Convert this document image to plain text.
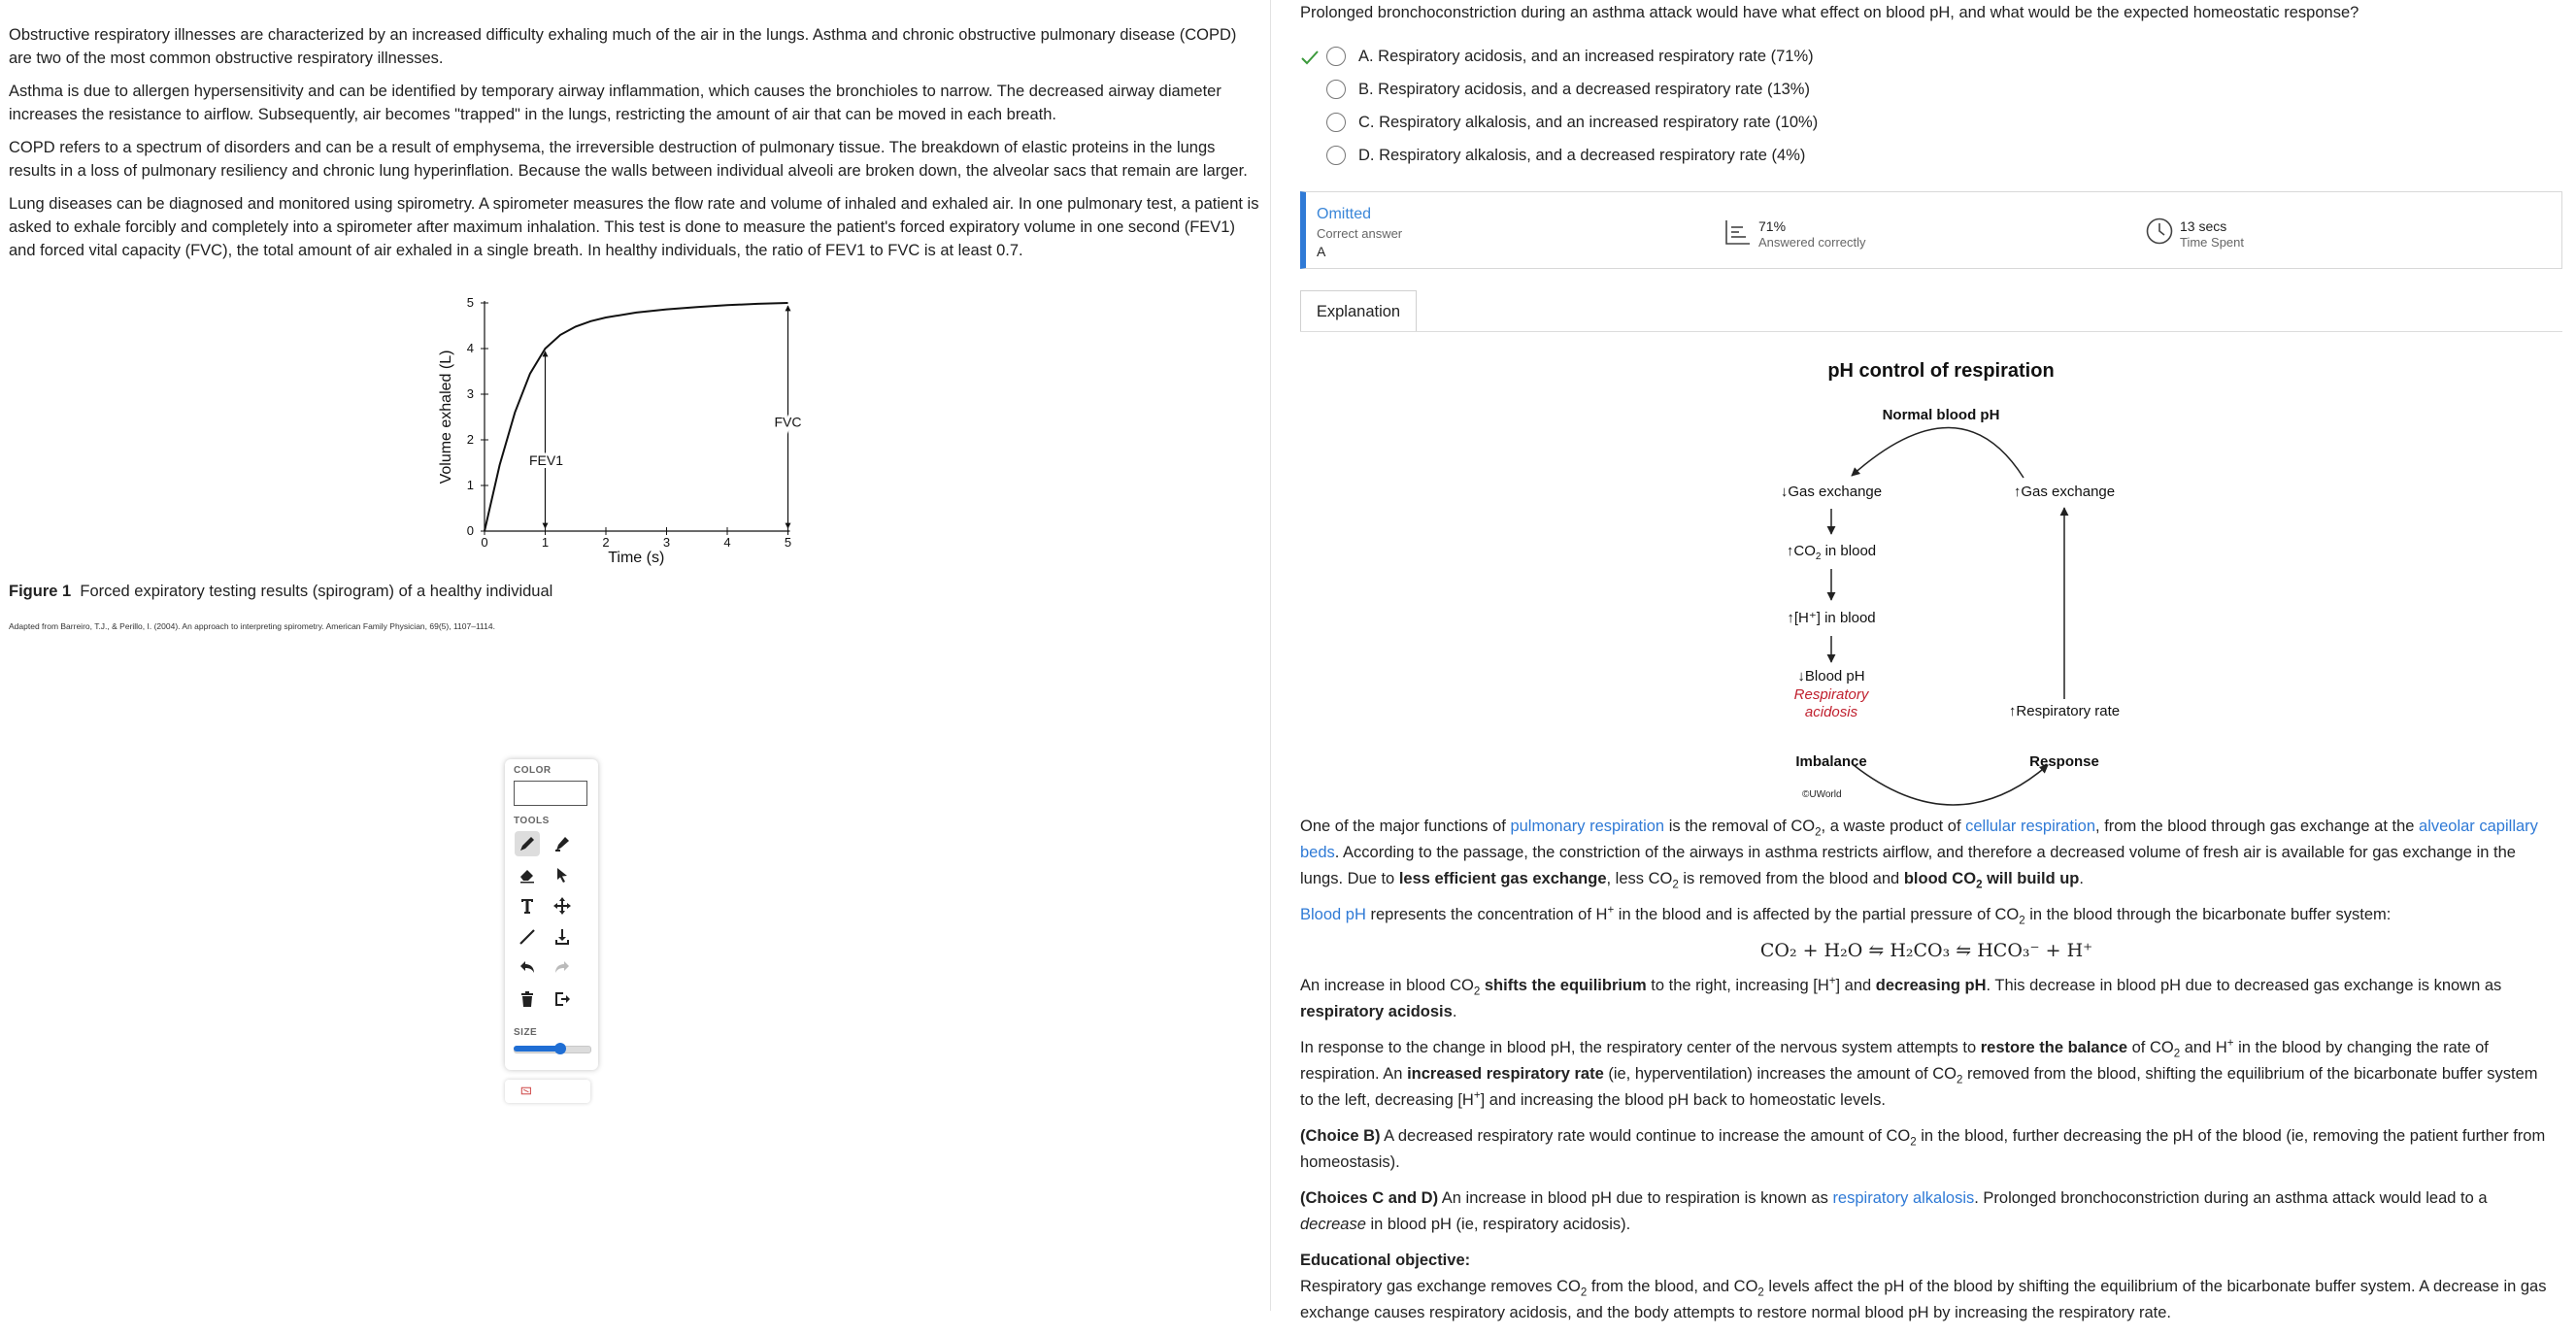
Obstructive respiratory illnesses are characterized by an increased difficulty exhaling much of the air in the lungs. Asthma and chronic obstructive pulmonary disease (COPD) are two of the most common obstructive respiratory illnesses.

Asthma is due to allergen hypersensitivity and can be identified by temporary airway inflammation, which causes the bronchioles to narrow. The decreased airway diameter increases the resistance to airflow. Subsequently, air becomes "trapped" in the lungs, restricting the amount of air that can be moved in each breath.

COPD refers to a spectrum of disorders and can be a result of emphysema, the irreversible destruction of pulmonary tissue. The breakdown of elastic proteins in the lungs results in a loss of pulmonary resiliency and chronic lung hyperinflation. Because the walls between individual alveoli are broken down, the alveolar sacs that remain are larger.

Lung diseases can be diagnosed and monitored using spirometry. A spirometer measures the flow rate and volume of inhaled and exhaled air. In one pulmonary test, a patient is asked to exhale forcibly and completely into a spirometer after maximum inhalation. This test is done to measure the patient's forced expiratory volume in one second (FEV1) and forced vital capacity (FVC), the total amount of air exhaled in a single breath. In healthy individuals, the ratio of FEV1 to FVC is at least 0.7.

0	1	2	3	4	5
0
1
2
3
4
5
Time (s)
Volume exhaled (L)	FEV1
FVC
Figure 1 Forced expiratory testing results (spirogram) of a healthy individual
Adapted from Barreiro, T.J., & Perillo, I. (2004). An approach to interpreting spirometry. American Family Physician, 69(5), 1107–1114.
COLOR
TOOLS
SIZE
Prolonged bronchoconstriction during an asthma attack would have what effect on blood pH, and what would be the expected homeostatic response?
A. Respiratory acidosis, and an increased respiratory rate (71%)
B. Respiratory acidosis, and a decreased respiratory rate (13%)
C. Respiratory alkalosis, and an increased respiratory rate (10%)
D. Respiratory alkalosis, and a decreased respiratory rate (4%)
Omitted
Correct answer
A
71%
Answered correctly
13 secs
Time Spent
Explanation
pH control of respiration
Normal blood pH
↓Gas exchange	↑Gas exchange
$↑CO_2$ in blood
↑[H⁺] in blood
↓Blood pH
Respiratory acidosis	↑Respiratory rate
Imbalance	Response
©UWorld

One of the major functions of pulmonary respiration is the removal of $CO_2$, a waste product of cellular respiration, from the blood through gas exchange at the alveolar capillary beds. According to the passage, the constriction of the airways in asthma restricts airflow, and therefore a decreased volume of fresh air is available for gas exchange in the lungs. Due to less efficient gas exchange, less $CO_2$ is removed from the blood and blood $CO_2$ will build up.

Blood pH represents the concentration of H+ in the blood and is affected by the partial pressure of $CO_2$ in the blood through the bicarbonate buffer system:

CO₂ + H₂O ⇋ H₂CO₃ ⇋ HCO₃⁻ + H⁺

An increase in blood $CO_2$ shifts the equilibrium to the right, increasing [H+] and decreasing pH. This decrease in blood pH due to decreased gas exchange is known as respiratory acidosis.

In response to the change in blood pH, the respiratory center of the nervous system attempts to restore the balance of $CO_2$ and H+ in the blood by changing the rate of respiration. An increased respiratory rate (ie, hyperventilation) increases the amount of $CO_2$ removed from the blood, shifting the equilibrium of the bicarbonate buffer system to the left, decreasing [H+] and increasing the blood pH back to homeostatic levels.

(Choice B) A decreased respiratory rate would continue to increase the amount of $CO_2$ in the blood, further decreasing the pH of the blood (ie, removing the patient further from homeostasis).

(Choices C and D) An increase in blood pH due to respiration is known as respiratory alkalosis. Prolonged bronchoconstriction during an asthma attack would lead to a decrease in blood pH (ie, respiratory acidosis).

Educational objective:

Respiratory gas exchange removes $CO_2$ from the blood, and $CO_2$ levels affect the pH of the blood by shifting the equilibrium of the bicarbonate buffer system. A decrease in gas exchange causes respiratory acidosis, and the body attempts to restore normal blood pH by increasing the respiratory rate.
